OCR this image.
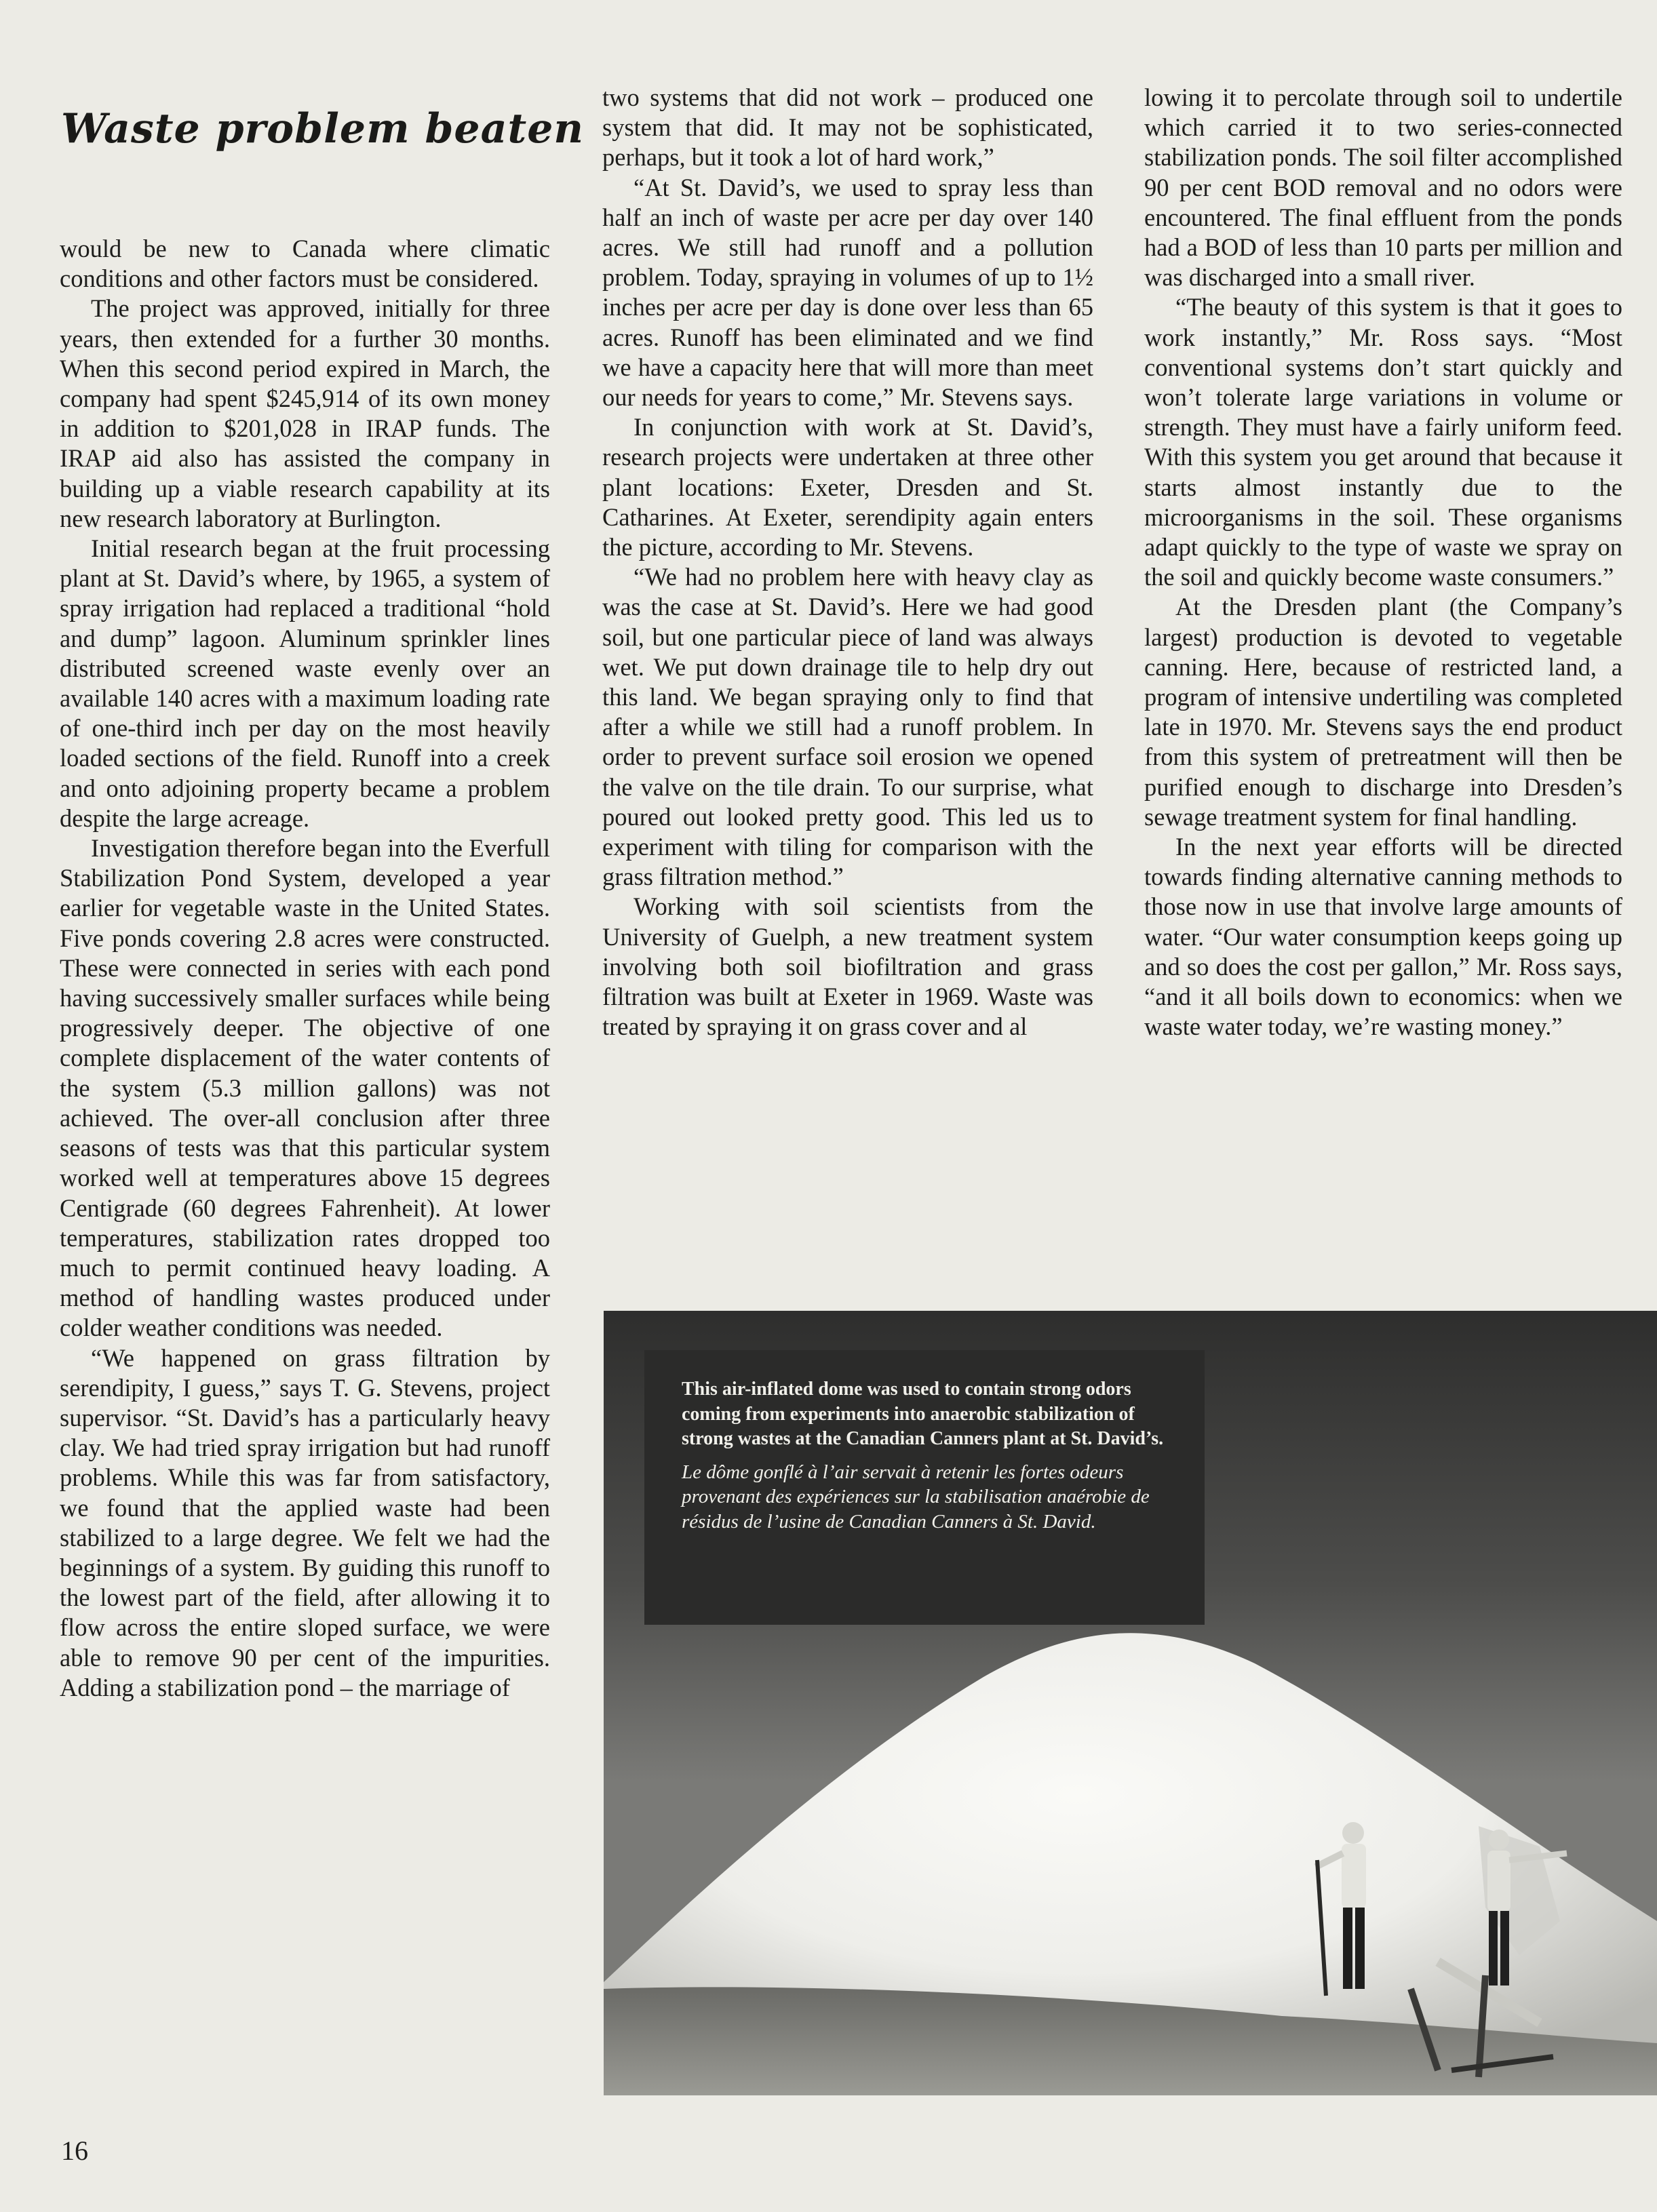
Waste problem beaten

would be new to Canada where climatic conditions and other factors must be considered.

The project was approved, initially for three years, then extended for a further 30 months. When this second period expired in March, the company had spent $245,914 of its own money in addition to $201,028 in IRAP funds. The IRAP aid also has assisted the company in building up a viable research capability at its new research laboratory at Burlington.

Initial research began at the fruit processing plant at St. David’s where, by 1965, a system of spray irrigation had replaced a traditional “hold and dump” lagoon. Aluminum sprinkler lines distributed screened waste evenly over an available 140 acres with a maximum loading rate of one-third inch per day on the most heavily loaded sections of the field. Runoff into a creek and onto adjoining property became a problem despite the large acreage.

Investigation therefore began into the Everfull Stabilization Pond System, developed a year earlier for vegetable waste in the United States. Five ponds covering 2.8 acres were constructed. These were connected in series with each pond having successively smaller surfaces while being progressively deeper. The objective of one complete displacement of the water contents of the system (5.3 million gallons) was not achieved. The over-all conclusion after three seasons of tests was that this particular system worked well at temperatures above 15 degrees Centigrade (60 degrees Fahrenheit). At lower temperatures, stabilization rates dropped too much to permit continued heavy loading. A method of handling wastes produced under colder weather conditions was needed.

“We happened on grass filtration by serendipity, I guess,” says T. G. Stevens, project supervisor. “St. David’s has a particularly heavy clay. We had tried spray irrigation but had runoff problems. While this was far from satisfactory, we found that the applied waste had been stabilized to a large degree. We felt we had the beginnings of a system. By guiding this runoff to the lowest part of the field, after allowing it to flow across the entire sloped surface, we were able to remove 90 per cent of the impurities. Adding a stabilization pond – the marriage of

two systems that did not work – produced one system that did. It may not be sophisticated, perhaps, but it took a lot of hard work,”

“At St. David’s, we used to spray less than half an inch of waste per acre per day over 140 acres. We still had runoff and a pollution problem. Today, spraying in volumes of up to 1½ inches per acre per day is done over less than 65 acres. Runoff has been eliminated and we find we have a capacity here that will more than meet our needs for years to come,” Mr. Stevens says.

In conjunction with work at St. David’s, research projects were undertaken at three other plant locations: Exeter, Dresden and St. Catharines. At Exeter, serendipity again enters the picture, according to Mr. Stevens.

“We had no problem here with heavy clay as was the case at St. David’s. Here we had good soil, but one particular piece of land was always wet. We put down drainage tile to help dry out this land. We began spraying only to find that after a while we still had a runoff problem. In order to prevent surface soil erosion we opened the valve on the tile drain. To our surprise, what poured out looked pretty good. This led us to experiment with tiling for comparison with the grass filtration method.”

Working with soil scientists from the University of Guelph, a new treatment system involving both soil biofiltration and grass filtration was built at Exeter in 1969. Waste was treated by spraying it on grass cover and al

lowing it to percolate through soil to undertile which carried it to two series-connected stabilization ponds. The soil filter accomplished 90 per cent BOD removal and no odors were encountered. The final effluent from the ponds had a BOD of less than 10 parts per million and was discharged into a small river.

“The beauty of this system is that it goes to work instantly,” Mr. Ross says. “Most conventional systems don’t start quickly and won’t tolerate large variations in volume or strength. They must have a fairly uniform feed. With this system you get around that because it starts almost instantly due to the microorganisms in the soil. These organisms adapt quickly to the type of waste we spray on the soil and quickly become waste consumers.”

At the Dresden plant (the Company’s largest) production is devoted to vegetable canning. Here, because of restricted land, a program of intensive undertiling was completed late in 1970. Mr. Stevens says the end product from this system of pretreatment will then be purified enough to discharge into Dresden’s sewage treatment system for final handling.

In the next year efforts will be directed towards finding alternative canning methods to those now in use that involve large amounts of water. “Our water consumption keeps going up and so does the cost per gallon,” Mr. Ross says, “and it all boils down to economics: when we waste water today, we’re wasting money.”

This air-inflated dome was used to contain strong odors coming from experiments into anaerobic stabilization of strong wastes at the Canadian Canners plant at St. David’s.

Le dôme gonflé à l’air servait à retenir les fortes odeurs provenant des expériences sur la stabilisation anaérobie de résidus de l’usine de Canadian Canners à St. David.

16
